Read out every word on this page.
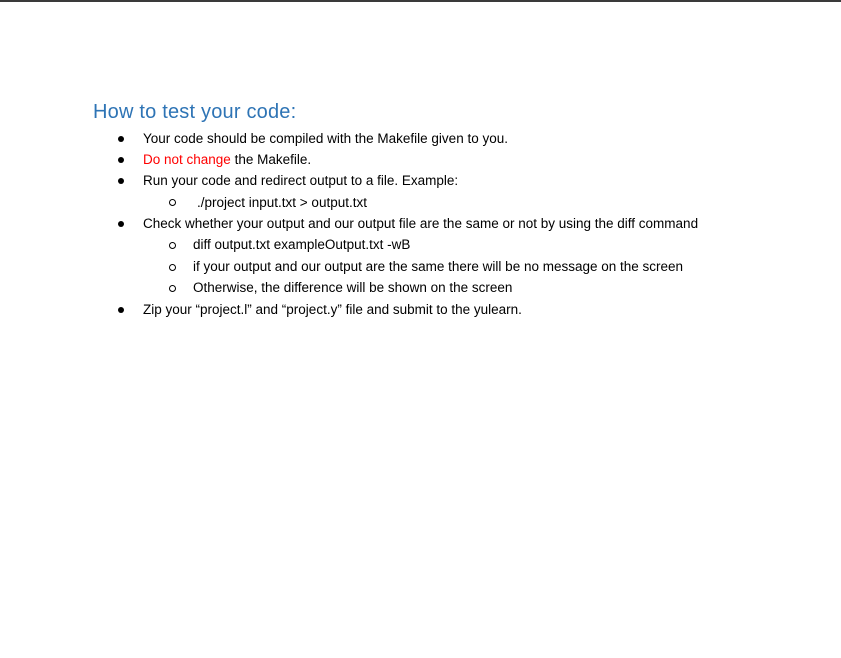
How to test your code:
Your code should be compiled with the Makefile given to you.
Do not change the Makefile.
Run your code and redirect output to a file. Example:
./project input.txt > output.txt
Check whether your output and our output file are the same or not by using the diff command
diff output.txt exampleOutput.txt -wB
if your output and our output are the same there will be no message on the screen
Otherwise, the difference will be shown on the screen
Zip your “project.l” and “project.y” file and submit to the yulearn.
